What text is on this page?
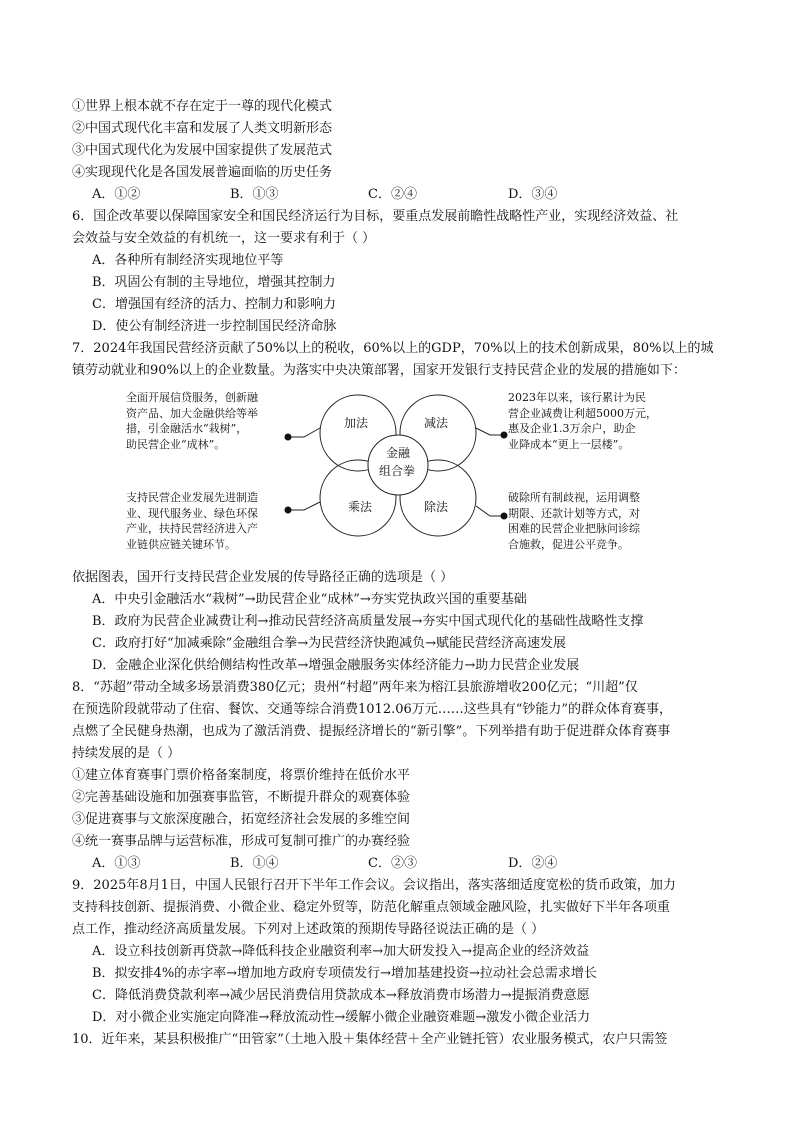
①世界上根本就不存在定于一尊的现代化模式
②中国式现代化丰富和发展了人类文明新形态
③中国式现代化为发展中国家提供了发展范式
④实现现代化是各国发展普遍面临的历史任务
A．①②	B．①③	C．②④	D．③④
6．国企改革要以保障国家安全和国民经济运行为目标，要重点发展前瞻性战略性产业，实现经济效益、社
会效益与安全效益的有机统一，这一要求有利于（ ）
A．各种所有制经济实现地位平等
B．巩固公有制的主导地位，增强其控制力
C．增强国有经济的活力、控制力和影响力
D．使公有制经济进一步控制国民经济命脉
7．2024年我国民营经济贡献了50%以上的税收，60%以上的GDP，70%以上的技术创新成果，80%以上的城
镇劳动就业和90%以上的企业数量。为落实中央决策部署，国家开发银行支持民营企业的发展的措施如下：
加法	减法
乘法	除法
金融
组合拳
全面开展信贷服务，创新融
资产品、加大金融供给等举
措，引金融活水“栽树”，
助民营企业“成林”。
2023年以来，该行累计为民
营企业减费让利超5000万元，
惠及企业1.3万余户，助企
业降成本“更上一层楼”。
支持民营企业发展先进制造
业、现代服务业、绿色环保
产业，扶持民营经济进入产
业链供应链关键环节。
破除所有制歧视，运用调整
期限、还款计划等方式，对
困难的民营企业把脉问诊综
合施救，促进公平竞争。
依据图表，国开行支持民营企业发展的传导路径正确的选项是（ ）
A．中央引金融活水“栽树”→助民营企业“成林”→夯实党执政兴国的重要基础
B．政府为民营企业减费让利→推动民营经济高质量发展→夯实中国式现代化的基础性战略性支撑
C．政府打好“加减乘除”金融组合拳→为民营经济快跑减负→赋能民营经济高速发展
D．金融企业深化供给侧结构性改革→增强金融服务实体经济能力→助力民营企业发展
8．“苏超”带动全域多场景消费380亿元；贵州“村超”两年来为榕江县旅游增收200亿元；“川超”仅
在预选阶段就带动了住宿、餐饮、交通等综合消费1012.06万元……这些具有“钞能力”的群众体育赛事，
点燃了全民健身热潮，也成为了激活消费、提振经济增长的“新引擎”。下列举措有助于促进群众体育赛事
持续发展的是（ ）
①建立体育赛事门票价格备案制度，将票价维持在低价水平
②完善基础设施和加强赛事监管，不断提升群众的观赛体验
③促进赛事与文旅深度融合，拓宽经济社会发展的多维空间
④统一赛事品牌与运营标准，形成可复制可推广的办赛经验
A．①③	B．①④	C．②③	D．②④
9．2025年8月1日，中国人民银行召开下半年工作会议。会议指出，落实落细适度宽松的货币政策，加力
支持科技创新、提振消费、小微企业、稳定外贸等，防范化解重点领域金融风险，扎实做好下半年各项重
点工作，推动经济高质量发展。下列对上述政策的预期传导路径说法正确的是（ ）
A．设立科技创新再贷款→降低科技企业融资利率→加大研发投入→提高企业的经济效益
B．拟安排4%的赤字率→增加地方政府专项债发行→增加基建投资→拉动社会总需求增长
C．降低消费贷款利率→减少居民消费信用贷款成本→释放消费市场潜力→提振消费意愿
D．对小微企业实施定向降准→释放流动性→缓解小微企业融资难题→激发小微企业活力
10．近年来，某县积极推广“田管家”（土地入股＋集体经营＋全产业链托管）农业服务模式，农户只需签
